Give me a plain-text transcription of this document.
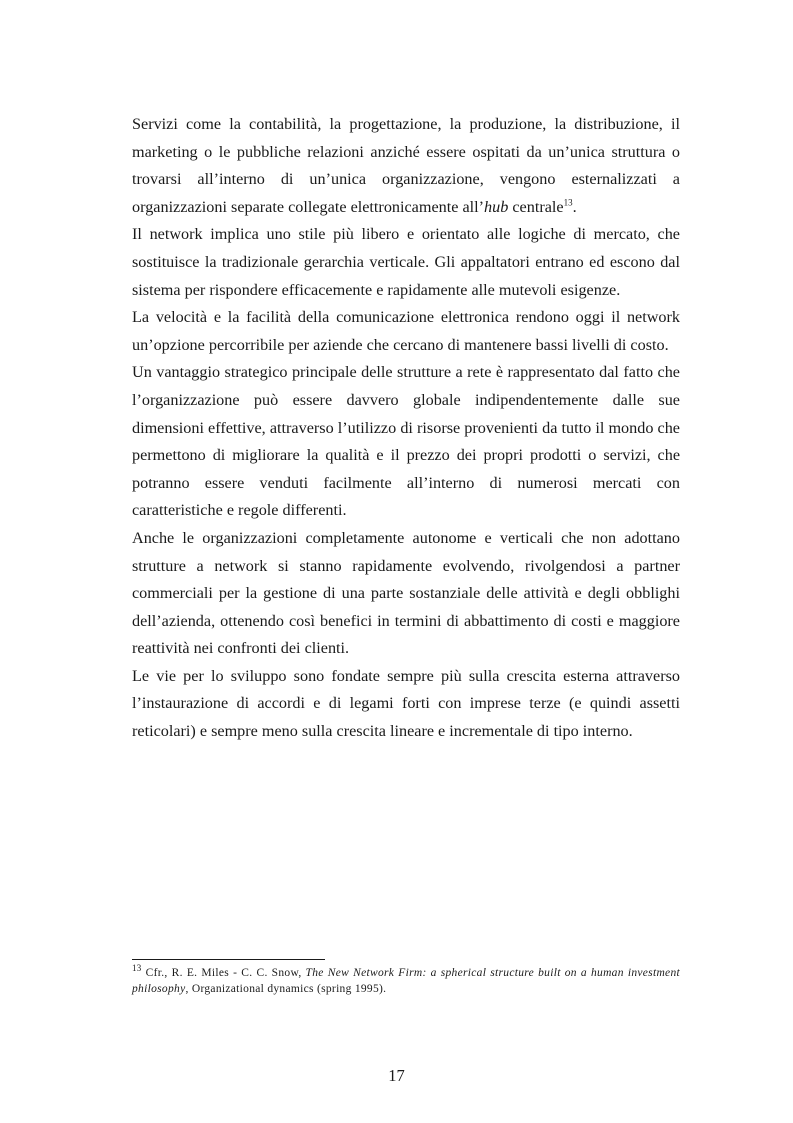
Servizi come la contabilità, la progettazione, la produzione, la distribuzione, il marketing o le pubbliche relazioni anziché essere ospitati da un’unica struttura o trovarsi all’interno di un’unica organizzazione, vengono esternalizzati a organizzazioni separate collegate elettronicamente all’hub centrale$^{13}$.

Il network implica uno stile più libero e orientato alle logiche di mercato, che sostituisce la tradizionale gerarchia verticale. Gli appaltatori entrano ed escono dal sistema per rispondere efficacemente e rapidamente alle mutevoli esigenze.

La velocità e la facilità della comunicazione elettronica rendono oggi il network un’opzione percorribile per aziende che cercano di mantenere bassi livelli di costo.

Un vantaggio strategico principale delle strutture a rete è rappresentato dal fatto che l’organizzazione può essere davvero globale indipendentemente dalle sue dimensioni effettive, attraverso l’utilizzo di risorse provenienti da tutto il mondo che permettono di migliorare la qualità e il prezzo dei propri prodotti o servizi, che potranno essere venduti facilmente all’interno di numerosi mercati con caratteristiche e regole differenti.

Anche le organizzazioni completamente autonome e verticali che non adottano strutture a network si stanno rapidamente evolvendo, rivolgendosi a partner commerciali per la gestione di una parte sostanziale delle attività e degli obblighi dell’azienda, ottenendo così benefici in termini di abbattimento di costi e maggiore reattività nei confronti dei clienti.

Le vie per lo sviluppo sono fondate sempre più sulla crescita esterna attraverso l’instaurazione di accordi e di legami forti con imprese terze (e quindi assetti reticolari) e sempre meno sulla crescita lineare e incrementale di tipo interno.

$^{13}$ Cfr., R. E. Miles - C. C. Snow, The New Network Firm: a spherical structure built on a human investment philosophy, Organizational dynamics (spring 1995).
17
